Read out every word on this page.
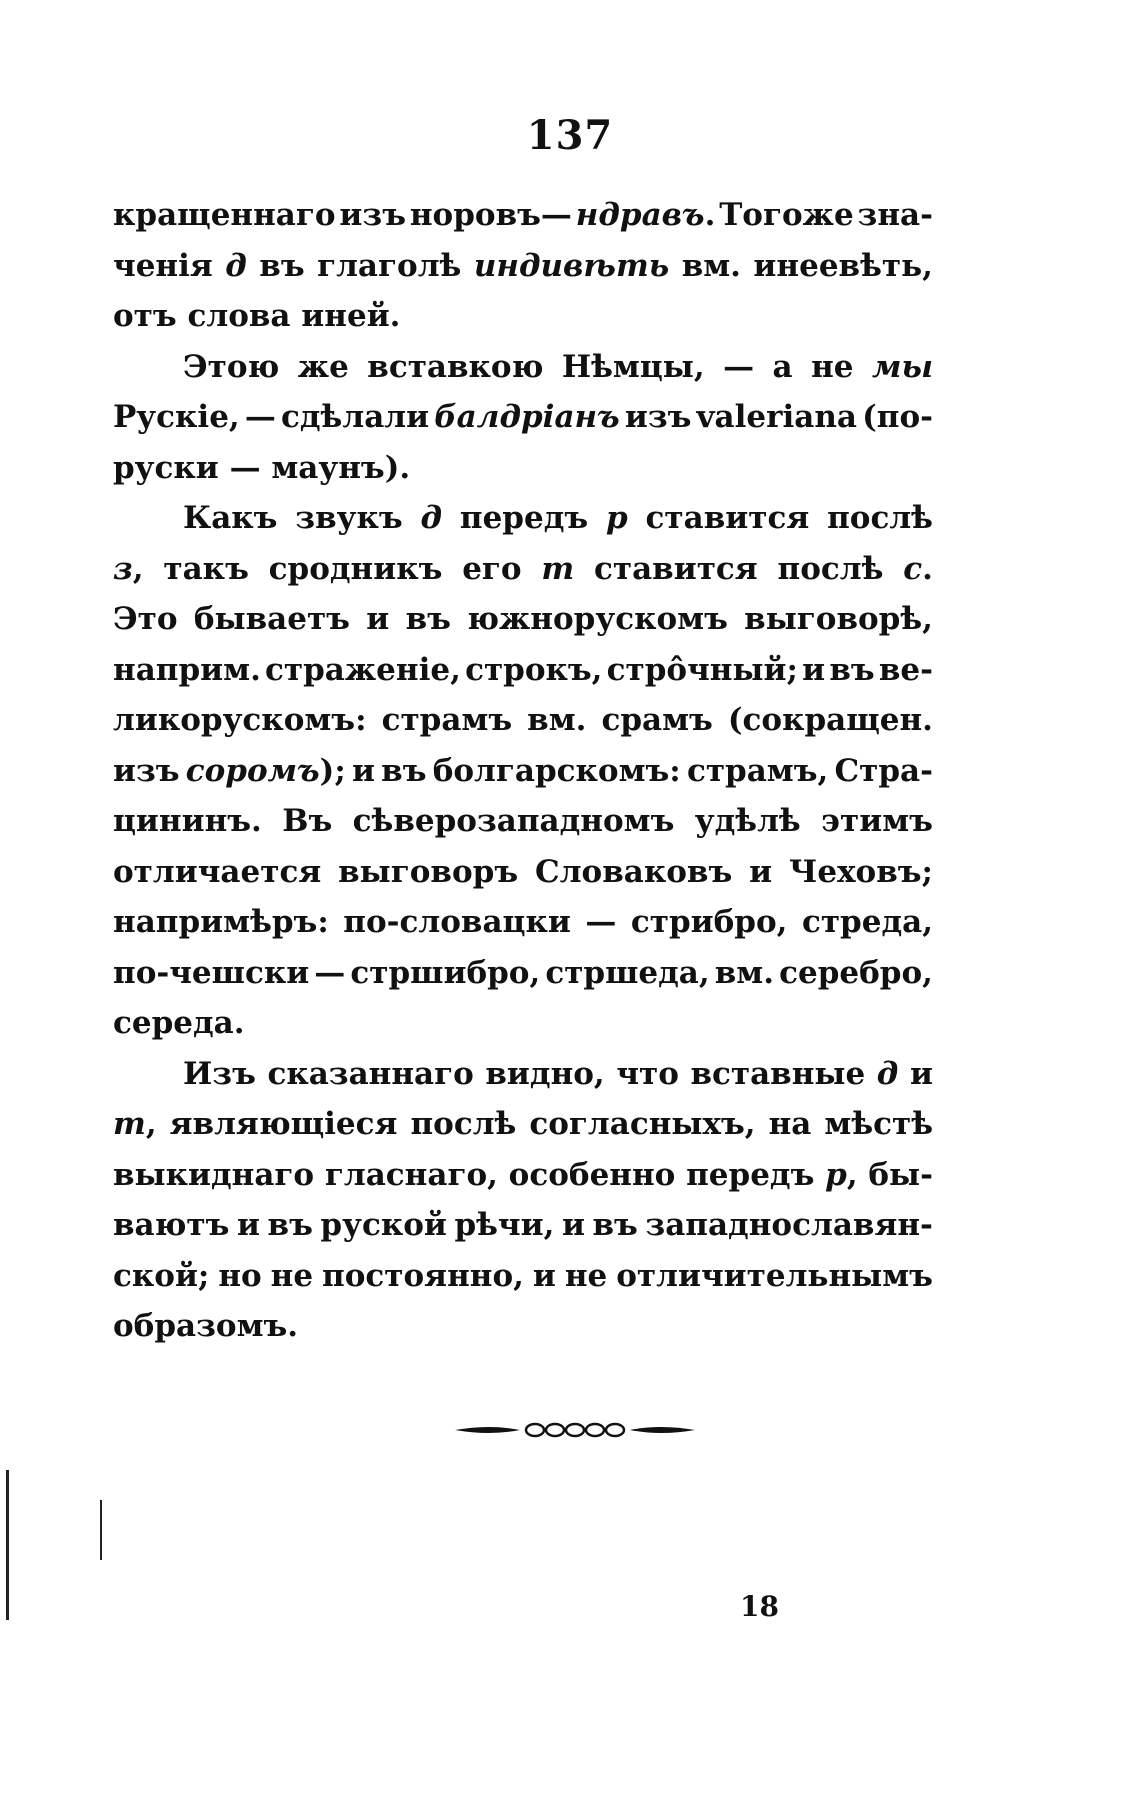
137
кращеннаго изъ норовъ— ндравъ. Тогоже зна-
ченія д въ глаголѣ индивѣть вм. инеевѣть,
отъ слова иней.
Этою же вставкою Нѣмцы, — а не мы
Рускіе, — сдѣлали балдріанъ изъ valeriana (по-
руски — маунъ).
Какъ звукъ д передъ р ставится послѣ
з, такъ сродникъ его т ставится послѣ с.
Это бываетъ и въ южнорускомъ выговорѣ,
наприм. страженіе, строкъ, стрôчный; и въ ве-
ликорускомъ: страмъ вм. срамъ (сокращен.
изъ соромъ); и въ болгарскомъ: страмъ, Стра-
цининъ. Въ сѣверозападномъ удѣлѣ этимъ
отличается выговоръ Словаковъ и Чеховъ;
напримѣръ: по-словацки — стрибро, стреда,
по-чешски — стршибро, стршеда, вм. серебро,
середа.
Изъ сказаннаго видно, что вставные д и
т, являющіеся послѣ согласныхъ, на мѣстѣ
выкиднаго гласнаго, особенно передъ р, бы-
ваютъ и въ руской рѣчи, и въ западнославян-
ской; но не постоянно, и не отличительнымъ
образомъ.
18
